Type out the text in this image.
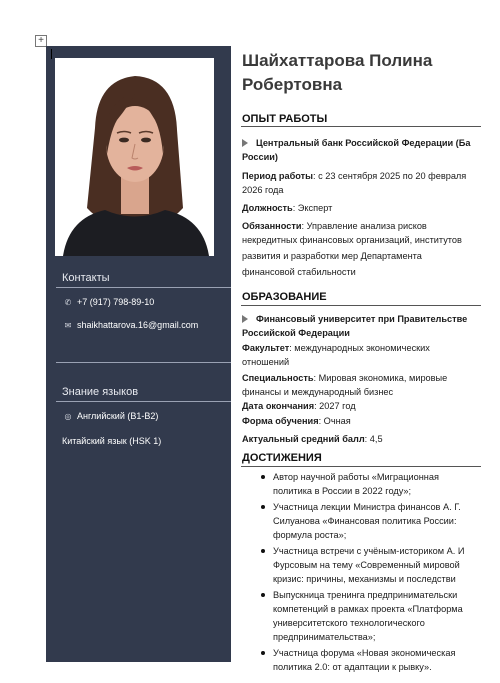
+
Контакты
✆ +7 (917) 798-89-10
✉ shaikhattarova.16@gmail.com
Знание языков
◎ Английский (B1-B2)
Китайский язык (HSK 1)
Шайхаттарова Полина
Робертовна
ОПЫТ РАБОТЫ
Центральный банк Российской Федерации (Ба
России)
Период работы: с 23 сентября 2025 по 20 февраля
2026 года
Должность: Эксперт
Обязанности: Управление анализа рисков
некредитных финансовых организаций, институтов
развития и разработки мер Департамента
финансовой стабильности
ОБРАЗОВАНИЕ
Финансовый университет при Правительстве
Российской Федерации
Факультет: международных экономических
отношений
Специальность: Мировая экономика, мировые
финансы и международный бизнес
Дата окончания: 2027 год
Форма обучения: Очная
Актуальный средний балл: 4,5
ДОСТИЖЕНИЯ
Автор научной работы «Миграционная
политика в России в 2022 году»;
Участница лекции Министра финансов А. Г.
Силуанова «Финансовая политика России:
формула роста»;
Участница встречи с учёным-историком А. И
Фурсовым на тему «Современный мировой
кризис: причины, механизмы и последстви
Выпускница тренинга предпринимательски
компетенций в рамках проекта «Платформа
университетского технологического
предпринимательства»;
Участница форума «Новая экономическая
политика 2.0: от адаптации к рывку».
